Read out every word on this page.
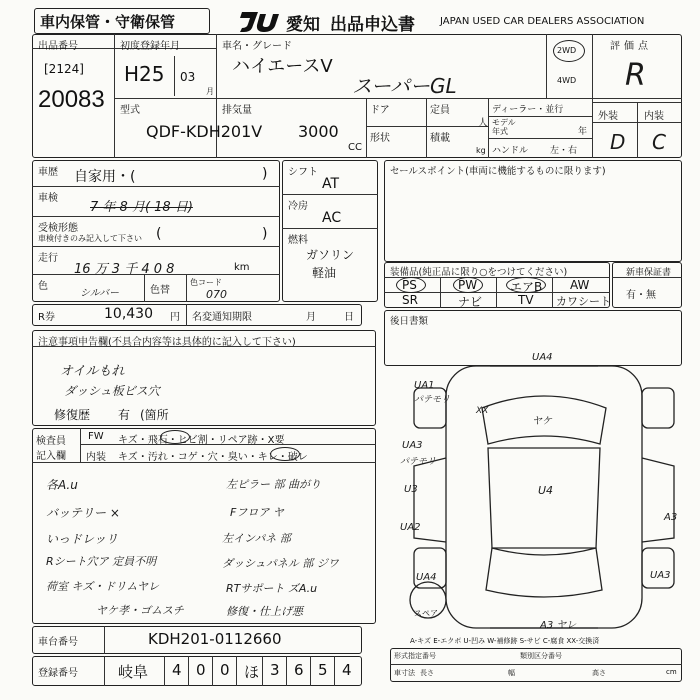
車内保管・守衛保管	愛知 出品申込書	JAPAN USED CAR DEALERS ASSOCIATION
出品番号
[2124]
20083
初度登録年月
H25 03
月
車名・グレード
ハイエースV
スーパーGL
2WD
4WD
評価点
R
外装	内装
D C
型式
QDF-KDH201V
排気量
3000
CC
ドア
形状
定員
人
積載
kg
ディーラー・並行
モデル年式	年
ハンドル 左・右
車歴 自家用・(	)
車検
7 年 8 月( 18 日)
受検形態
車検付きのみ記入して下さい (	)
走行
16 万 3 千 4 0 8	km
色
シルバー	色替
色コード
070
R券	10,430 円 名変通知期限	月	日
シフト
AT
冷房
AC
燃料
ガソリン
軽油
セールスポイント(車両に機能するものに限ります)
装備品(純正品に限り○をつけてください)
PS	PW	エアB AW
SR	ナビ	TV カワシート
新車保証書
有・無
後日書類
注意事項申告欄(不具合内容等は具体的に記入して下さい)
オイルもれ
ダッシュ板ビス穴
修復歴 有 (箇所
検査員
記入欄
FW キズ・飛石・ヒビ割・リペア跡・X要
内装 キズ・汚れ・コゲ・穴・臭い・キレ・破レ
各A.u
バッテリー ×
いっドレッリ
Rシート穴ア 定員不明
荷室 キズ・ドリムヤレ
ヤケ孝・ゴムスチ
左ピラー 部 曲がり
Fフロア ヤ
左インパネ 部
ダッシュパネル 部 ジワ
RTサポート ズA.u
修復・仕上げ悪
UA4
UA1
パテモリ
ヤケ
UA3
パテモリ
U4
U3
UA2
XX
UA4
A3
UA3
A3 ヤレ
スペア
A-キズ E-エクボ U-凹み W-補修跡 S-サビ C-腐食 XX-交換済
形式指定番号	類別区分番号
車寸法 長さ	幅	高さ	cm
車台番号	KDH201-0112660
登録番号	岐阜 4 0 0 ほ 3 6 5 4
